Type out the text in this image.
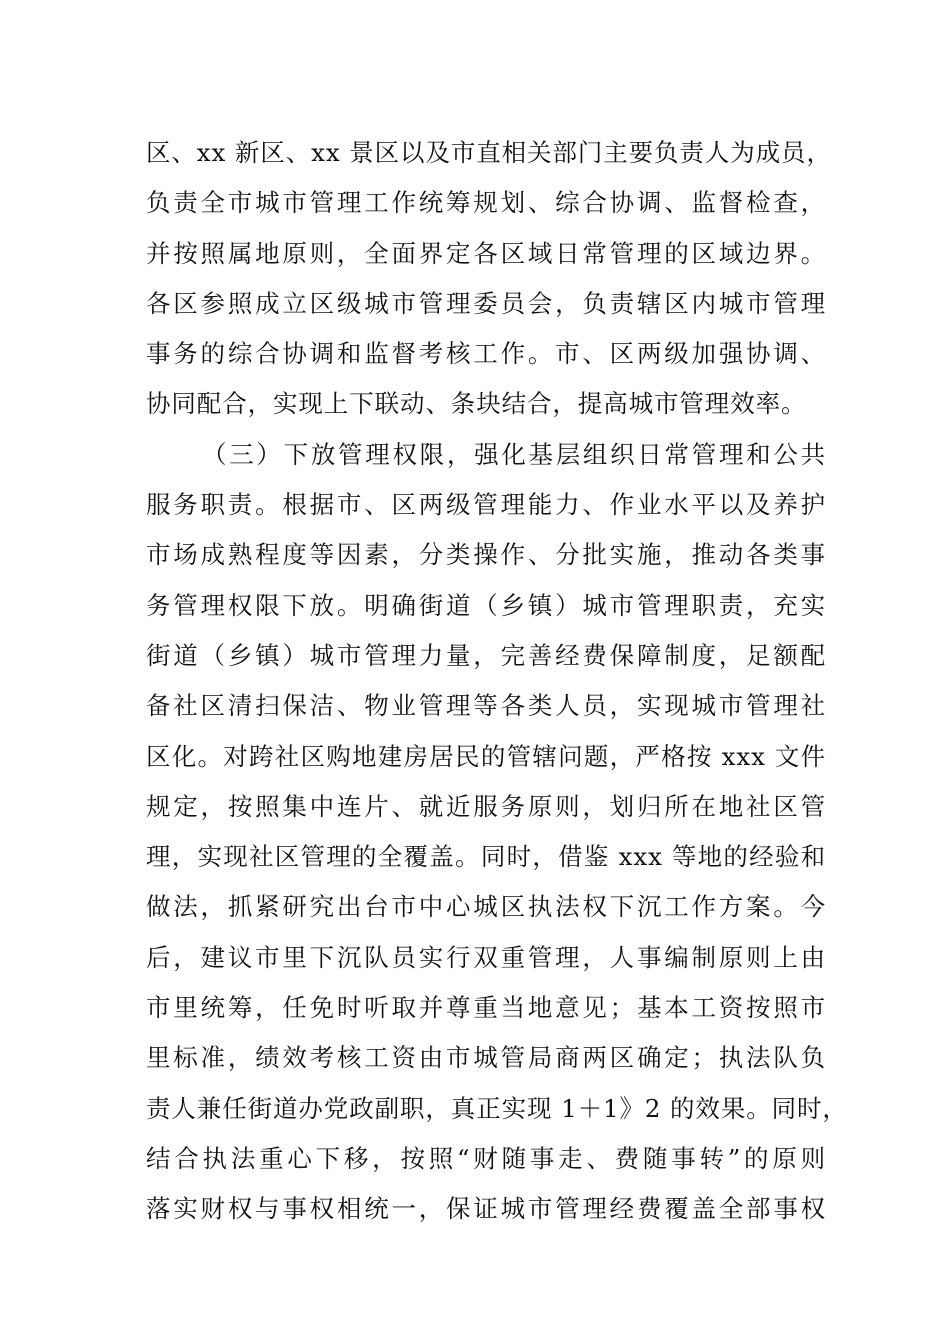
区、xx 新区、xx 景区以及市直相关部门主要负责人为成员，
负责全市城市管理工作统筹规划、综合协调、监督检查，
并按照属地原则，全面界定各区域日常管理的区域边界。
各区参照成立区级城市管理委员会，负责辖区内城市管理
事务的综合协调和监督考核工作。市、区两级加强协调、
协同配合，实现上下联动、条块结合，提高城市管理效率。
（三）下放管理权限，强化基层组织日常管理和公共
服务职责。根据市、区两级管理能力、作业水平以及养护
市场成熟程度等因素，分类操作、分批实施，推动各类事
务管理权限下放。明确街道（乡镇）城市管理职责，充实
街道（乡镇）城市管理力量，完善经费保障制度，足额配
备社区清扫保洁、物业管理等各类人员，实现城市管理社
区化。对跨社区购地建房居民的管辖问题，严格按 xxx 文件
规定，按照集中连片、就近服务原则，划归所在地社区管
理，实现社区管理的全覆盖。同时，借鉴 xxx 等地的经验和
做法，抓紧研究出台市中心城区执法权下沉工作方案。今
后，建议市里下沉队员实行双重管理，人事编制原则上由
市里统筹，任免时听取并尊重当地意见；基本工资按照市
里标准，绩效考核工资由市城管局商两区确定；执法队负
责人兼任街道办党政副职，真正实现 1＋1》2 的效果。同时，
结合执法重心下移，按照“财随事走、费随事转”的原则
落实财权与事权相统一，保证城市管理经费覆盖全部事权
